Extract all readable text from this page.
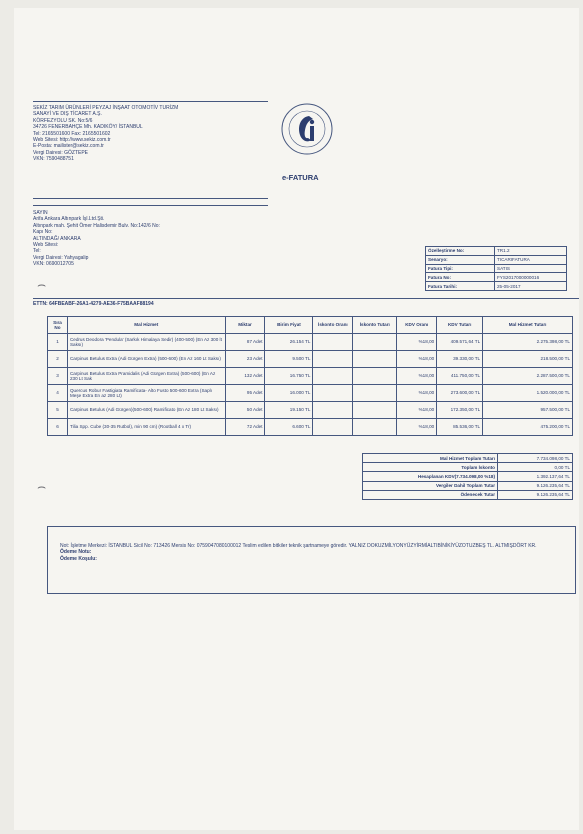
SEKİZ TARIM ÜRÜNLERİ PEYZAJ İNŞAAT OTOMOTİV TURİZM
SANAYİ VE DIŞ TİCARET A.Ş.
KÖRFEZYOLU SK. No:5/6
34726 FENERBAHÇE Mh. KADIKÖY/ İSTANBUL
Tel: 2165501600 Fax: 2165501602
Web Sitesi: http://www.sekiz.com.tr
E-Posta: mailister@sekiz.com.tr
Vergi Dairesi: GÖZTEPE
VKN: 7590488751
e-FATURA
SAYIN
Arifa Ankara Altınpark İşl.Ltd.Şti.
Altınpark mah. Şehit Ömer Halisdemir Bulv. No:142/6 No:
Kapı No:
ALTINDAĞ/ ANKARA
Web Sitesi:
Tel:
Vergi Dairesi: Yahyagalip
VKN: 0690012705
Özelleştirme No:	TR1.2
Senaryo:	TICARIFATURA
Fatura Tipi:	SATIS
Fatura No:	FYS2017000000016
Fatura Tarihi:	25-05-2017
ETTN: 64FBEABF-26A1-4279-AE36-F75BAAF88194
Sıra No	Mal Hizmet	Miktar	Birim Fiyat	İskonto Oranı	İskonto Tutarı	KDV Oranı	KDV Tutarı	Mal Hizmet Tutarı
1	Cedrus Deodora 'Pendula' (Sarkık Himalaya Sedir) (400-500) (En Az 300 lt Saksı)	87 Adet	26.154 TL			%18,00	409.571,64 TL	2.275.398,00 TL
2	Carpinus Betulus Extra (Adi Gürgen Extra) (500-600) (En Az 160 Lt Saksı)	23 Adet	9.500 TL			%18,00	39.330,00 TL	218.500,00 TL
3	Carpinus Betulus Extra Pramidalis (Adi Gürgen Extra) (500-600) (En Az 230 Lt Sak	132 Adet	16.750 TL			%18,00	411.750,00 TL	2.287.500,00 TL
4	Quercus Robur Fastigiata Ramificata- Alto Fusto 500-600 Extra (Saplı Meşe Extra En az 280 Lt)	95 Adet	16.000 TL			%18,00	273.600,00 TL	1.520.000,00 TL
5	Carpinus Betulus (Adi Gürgen)(500-600) Ramificato (En Az 180 Lt Saksı)	50 Adet	19.150 TL			%18,00	172.350,00 TL	957.500,00 TL
6	Tilia Spp. Cube (30-35 Rutbol), min 90 cm) (Rootball 4 x Tr)	72 Adet	6.600 TL			%18,00	85.536,00 TL	475.200,00 TL
Mal Hizmet Toplam Tutarı	7.734.098,00 TL
Toplam İskonto	0,00 TL
Hesaplanan KDV(7.734.098,00 %18)	1.392.137,64 TL
Vergiler Dahil Toplam Tutar	9.126.235,64 TL
Ödenecek Tutar	9.126.235,64 TL
⌢
⌢
Not: İşletme Merkezi: İSTANBUL Sicil No: 713426 Mersis No: 0759047080100012 Teslim edilen bitkiler teknik şartnameye göredir. YALNIZ DOKUZMİLYONYÜZYİRMİALTIBİNİKİYÜZOTUZBEŞ TL. ALTMIŞDÖRT KR.
Ödeme Notu:
Ödeme Koşulu:
